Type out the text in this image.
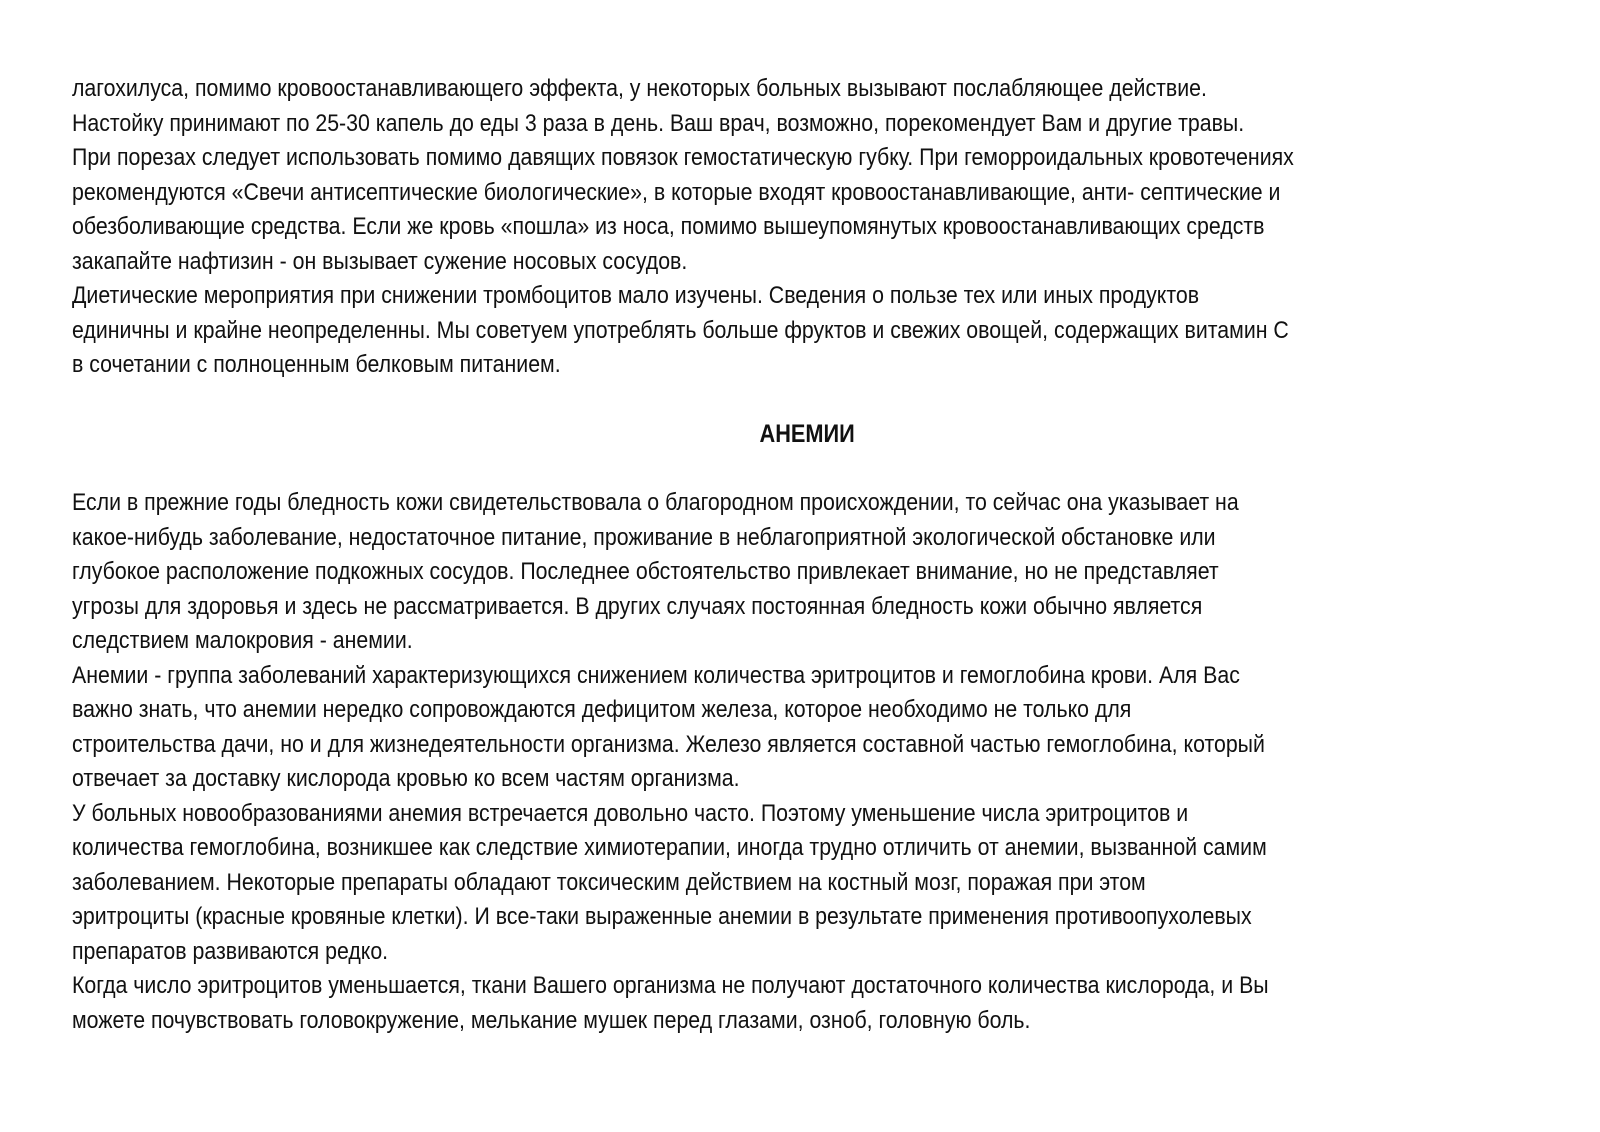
лагохилуса, помимо кровоостанавливающего эффекта, у некоторых больных вызывают послабляющее действие.
Настойку принимают по 25-30 капель до еды 3 раза в день. Ваш врач, возможно, порекомендует Вам и другие травы.
При порезах следует использовать помимо давящих повязок гемостатическую губку. При геморроидальных кровотечениях
рекомендуются «Свечи антисептические биологические», в которые входят кровоостанавливающие, анти- септические и
обезболивающие средства. Если же кровь «пошла» из носа, помимо вышеупомянутых кровоостанавливающих средств
закапайте нафтизин - он вызывает сужение носовых сосудов.
Диетические мероприятия при снижении тромбоцитов мало изучены. Сведения о пользе тех или иных продуктов
единичны и крайне неопределенны. Мы советуем употреблять больше фруктов и свежих овощей, содержащих витамин С
в сочетании с полноценным белковым питанием.
АНЕМИИ
Если в прежние годы бледность кожи свидетельствовала о благородном происхождении, то сейчас она указывает на
какое-нибудь заболевание, недостаточное питание, проживание в неблагоприятной экологической обстановке или
глубокое расположение подкожных сосудов. Последнее обстоятельство привлекает внимание, но не представляет
угрозы для здоровья и здесь не рассматривается. В других случаях постоянная бледность кожи обычно является
следствием малокровия - анемии.
Анемии - группа заболеваний характеризующихся снижением количества эритроцитов и гемоглобина крови. Аля Вас
важно знать, что анемии нередко сопровождаются дефицитом железа, которое необходимо не только для
строительства дачи, но и для жизнедеятельности организма. Железо является составной частью гемоглобина, который
отвечает за доставку кислорода кровью ко всем частям организма.
У больных новообразованиями анемия встречается довольно часто. Поэтому уменьшение числа эритроцитов и
количества гемоглобина, возникшее как следствие химиотерапии, иногда трудно отличить от анемии, вызванной самим
заболеванием. Некоторые препараты обладают токсическим действием на костный мозг, поражая при этом
эритроциты (красные кровяные клетки). И все-таки выраженные анемии в результате применения противоопухолевых
препаратов развиваются редко.
Когда число эритроцитов уменьшается, ткани Вашего организма не получают достаточного количества кислорода, и Вы
можете почувствовать головокружение, мелькание мушек перед глазами, озноб, головную боль.
